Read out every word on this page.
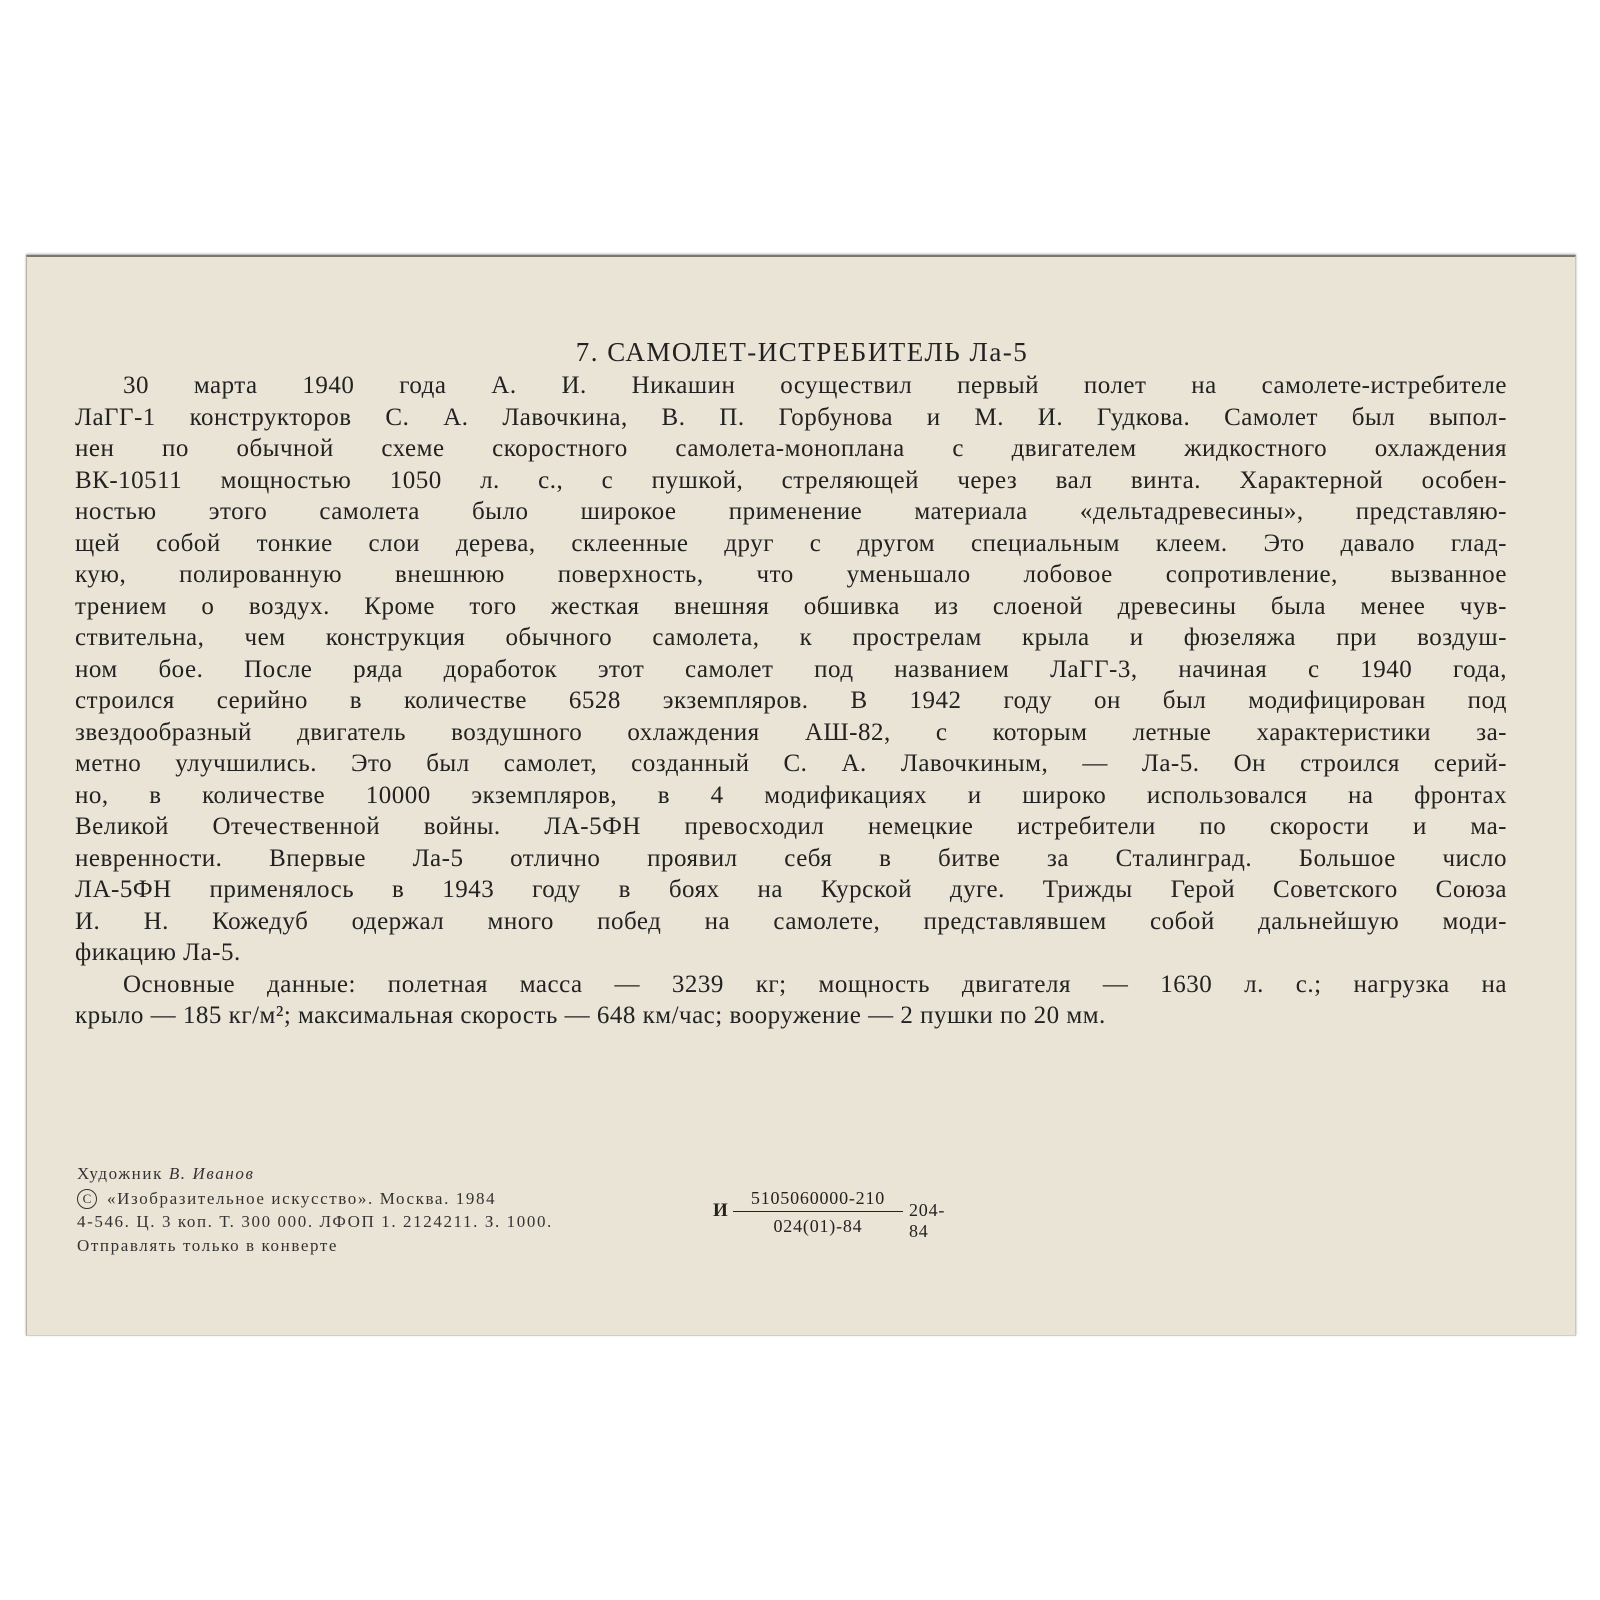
7. САМОЛЕТ-ИСТРЕБИТЕЛЬ Ла-5
30 марта 1940 года А. И. Никашин осуществил первый полет на самолете-истребителе
ЛаГГ-1 конструкторов С. А. Лавочкина, В. П. Горбунова и М. И. Гудкова. Самолет был выпол-
нен по обычной схеме скоростного самолета-моноплана с двигателем жидкостного охлаждения
ВК-10511 мощностью 1050 л. с., с пушкой, стреляющей через вал винта. Характерной особен-
ностью этого самолета было широкое применение материала «дельтадревесины», представляю-
щей собой тонкие слои дерева, склеенные друг с другом специальным клеем. Это давало глад-
кую, полированную внешнюю поверхность, что уменьшало лобовое сопротивление, вызванное
трением о воздух. Кроме того жесткая внешняя обшивка из слоеной древесины была менее чув-
ствительна, чем конструкция обычного самолета, к прострелам крыла и фюзеляжа при воздуш-
ном бое. После ряда доработок этот самолет под названием ЛаГГ-3, начиная с 1940 года,
строился серийно в количестве 6528 экземпляров. В 1942 году он был модифицирован под
звездообразный двигатель воздушного охлаждения АШ-82, с которым летные характеристики за-
метно улучшились. Это был самолет, созданный С. А. Лавочкиным, — Ла-5. Он строился серий-
но, в количестве 10000 экземпляров, в 4 модификациях и широко использовался на фронтах
Великой Отечественной войны. ЛА-5ФН превосходил немецкие истребители по скорости и ма-
невренности. Впервые Ла-5 отлично проявил себя в битве за Сталинград. Большое число
ЛА-5ФН применялось в 1943 году в боях на Курской дуге. Трижды Герой Советского Союза
И. Н. Кожедуб одержал много побед на самолете, представлявшем собой дальнейшую моди-
фикацию Ла-5.
Основные данные: полетная масса — 3239 кг; мощность двигателя — 1630 л. с.; нагрузка на
крыло — 185 кг/м²; максимальная скорость — 648 км/час; вооружение — 2 пушки по 20 мм.
Художник В. Иванов
C «Изобразительное искусство». Москва. 1984
4-546. Ц. 3 коп. Т. 300 000. ЛФОП 1. 2124211. З. 1000.
Отправлять только в конверте
И $\frac{5105060000-210}{024(01)-84} 204-84$
